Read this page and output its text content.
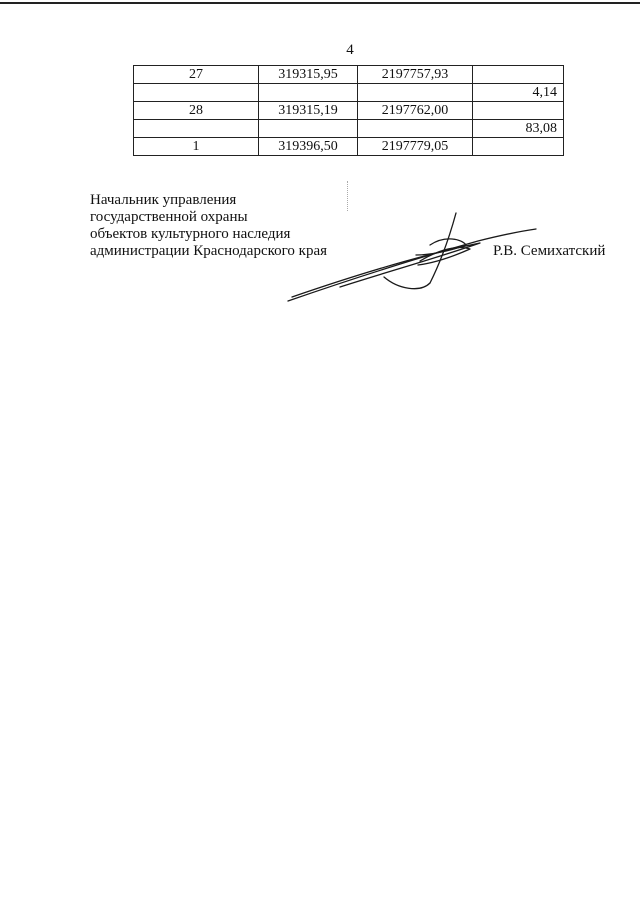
4
27	319315,95	2197757,93	
			4,14
28	319315,19	2197762,00	
			83,08
1	319396,50	2197779,05	
Начальник управления
государственной охраны
объектов культурного наследия
администрации Краснодарского края	Р.В. Семихатский
